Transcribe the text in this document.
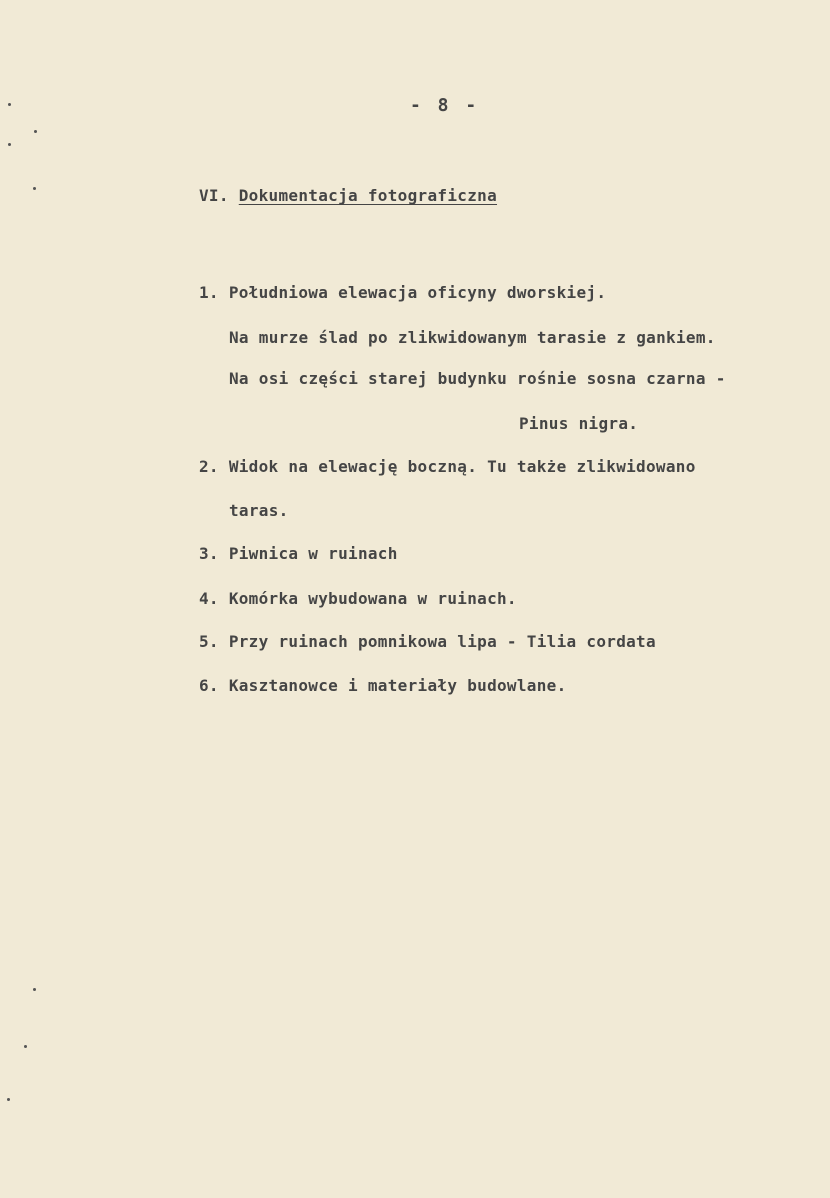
- 8 -
VI. Dokumentacja fotograficzna
1. Południowa elewacja oficyny dworskiej.
Na murze ślad po zlikwidowanym tarasie z gankiem.
Na osi części starej budynku rośnie sosna czarna -
Pinus nigra.
2. Widok na elewację boczną. Tu także zlikwidowano
taras.
3. Piwnica w ruinach
4. Komórka wybudowana w ruinach.
5. Przy ruinach pomnikowa lipa - Tilia cordata
6. Kasztanowce i materiały budowlane.
